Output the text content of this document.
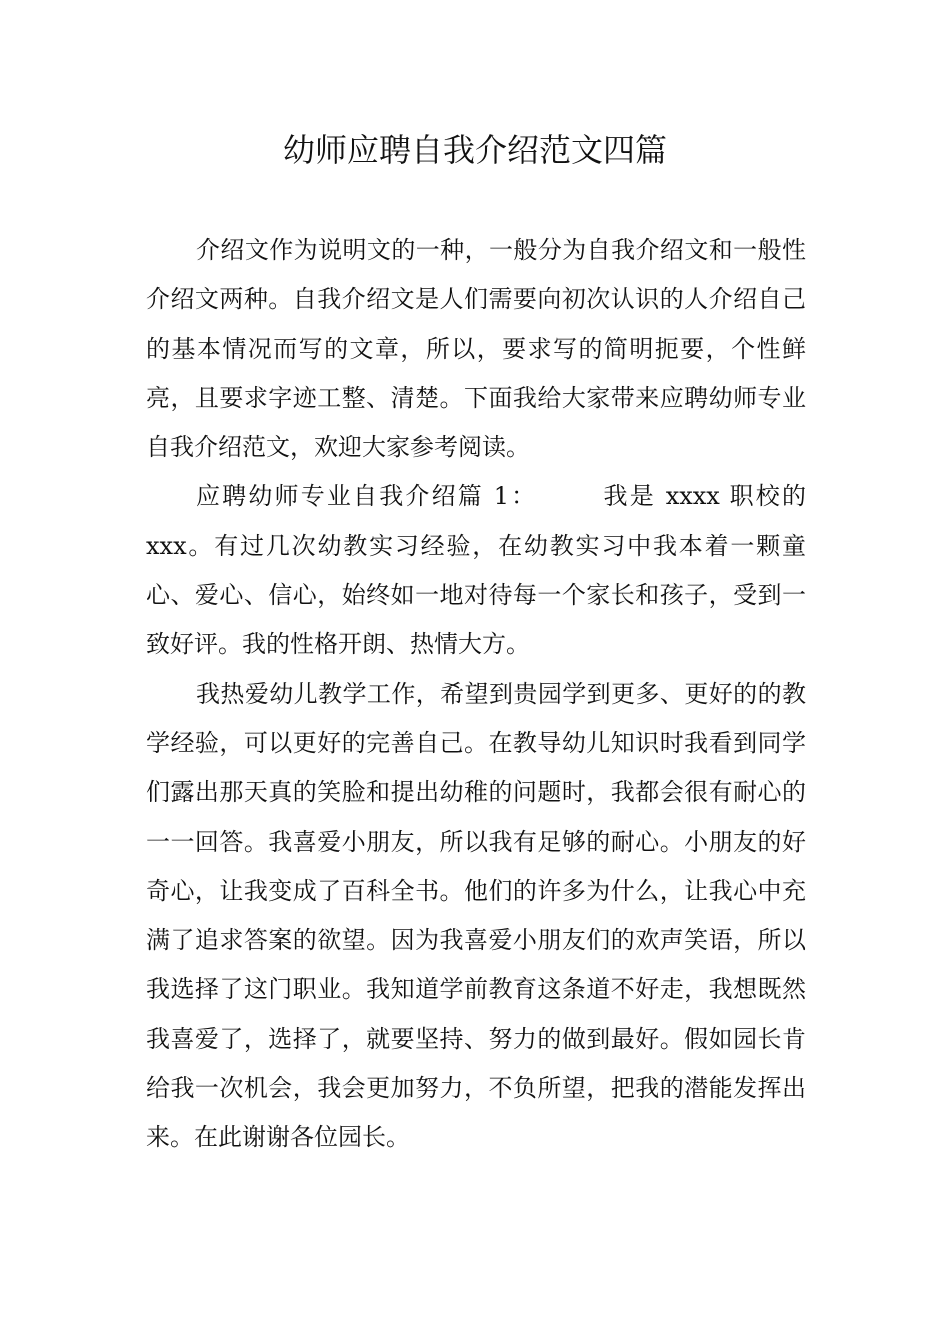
幼师应聘自我介绍范文四篇

介绍文作为说明文的一种，一般分为自我介绍文和一般性介绍文两种。自我介绍文是人们需要向初次认识的人介绍自己的基本情况而写的文章，所以，要求写的简明扼要，个性鲜亮，且要求字迹工整、清楚。下面我给大家带来应聘幼师专业自我介绍范文，欢迎大家参考阅读。

应聘幼师专业自我介绍篇 1：	我是 xxxx 职校的 xxx。有过几次幼教实习经验，在幼教实习中我本着一颗童心、爱心、信心，始终如一地对待每一个家长和孩子，受到一致好评。我的性格开朗、热情大方。

我热爱幼儿教学工作，希望到贵园学到更多、更好的的教学经验，可以更好的完善自己。在教导幼儿知识时我看到同学们露出那天真的笑脸和提出幼稚的问题时，我都会很有耐心的一一回答。我喜爱小朋友，所以我有足够的耐心。小朋友的好奇心，让我变成了百科全书。他们的许多为什么，让我心中充满了追求答案的欲望。因为我喜爱小朋友们的欢声笑语，所以我选择了这门职业。我知道学前教育这条道不好走，我想既然我喜爱了，选择了，就要坚持、努力的做到最好。假如园长肯给我一次机会，我会更加努力，不负所望，把我的潜能发挥出来。在此谢谢各位园长。
